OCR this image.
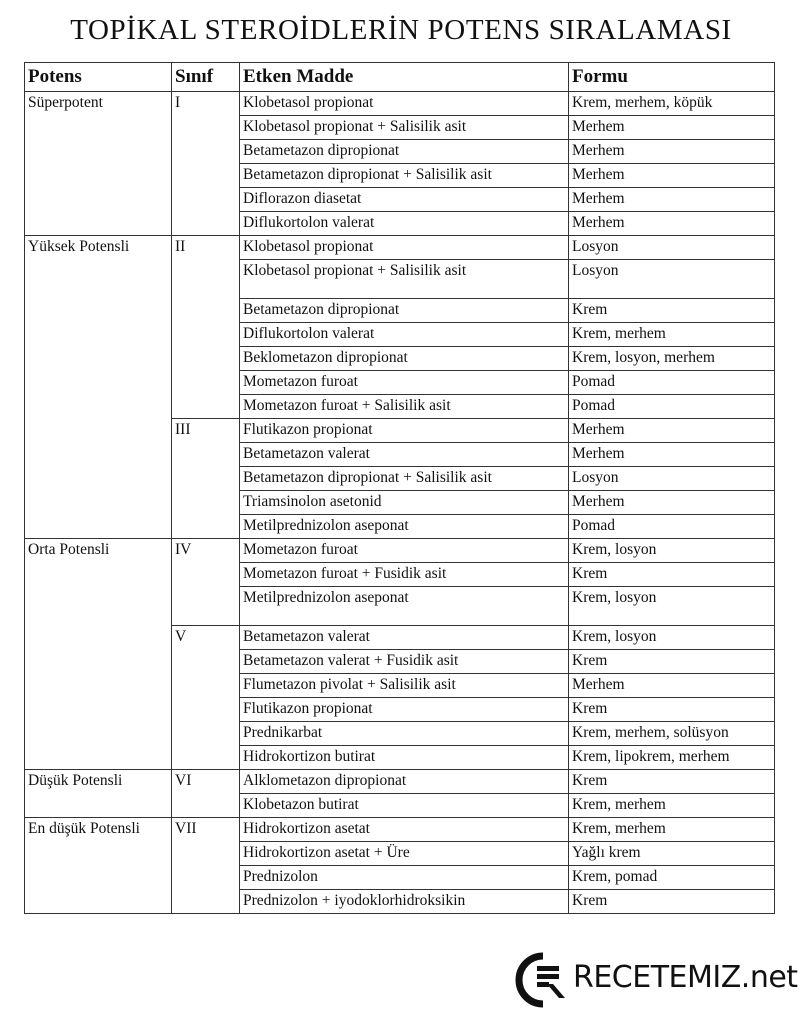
TOPİKAL STEROİDLERİN POTENS SIRALAMASI
Potens	Sınıf	Etken Madde	Formu
Süperpotent	I	Klobetasol propionat	Krem, merhem, köpük
		Klobetasol propionat + Salisilik asit	Merhem
		Betametazon dipropionat	Merhem
		Betametazon dipropionat + Salisilik asit	Merhem
		Diflorazon diasetat	Merhem
		Diflukortolon valerat	Merhem
Yüksek Potensli	II	Klobetasol propionat	Losyon
		Klobetasol propionat + Salisilik asit	Losyon
		Betametazon dipropionat	Krem
		Diflukortolon valerat	Krem, merhem
		Beklometazon dipropionat	Krem, losyon, merhem
		Mometazon furoat	Pomad
		Mometazon furoat + Salisilik asit	Pomad
	III	Flutikazon propionat	Merhem
		Betametazon valerat	Merhem
		Betametazon dipropionat + Salisilik asit	Losyon
		Triamsinolon asetonid	Merhem
		Metilprednizolon aseponat	Pomad
Orta Potensli	IV	Mometazon furoat	Krem, losyon
		Mometazon furoat + Fusidik asit	Krem
		Metilprednizolon aseponat	Krem, losyon
	V	Betametazon valerat	Krem, losyon
		Betametazon valerat + Fusidik asit	Krem
		Flumetazon pivolat + Salisilik asit	Merhem
		Flutikazon propionat	Krem
		Prednikarbat	Krem, merhem, solüsyon
		Hidrokortizon butirat	Krem, lipokrem, merhem
Düşük Potensli	VI	Alklometazon dipropionat	Krem
		Klobetazon butirat	Krem, merhem
En düşük Potensli	VII	Hidrokortizon asetat	Krem, merhem
		Hidrokortizon asetat + Üre	Yağlı krem
		Prednizolon	Krem, pomad
		Prednizolon + iyodoklorhidroksikin	Krem
RECETEMIZ.net
